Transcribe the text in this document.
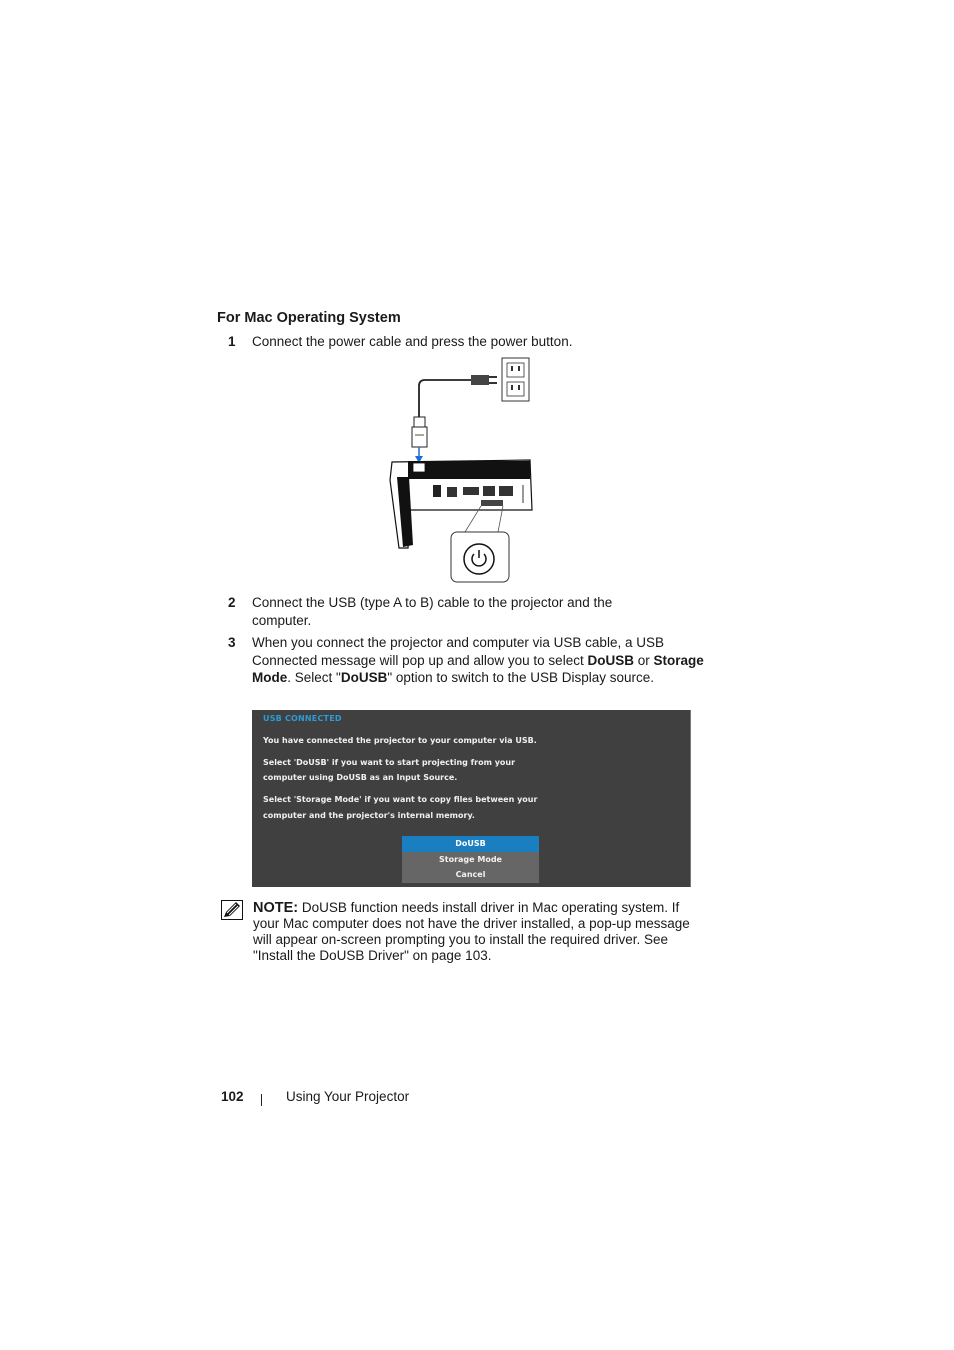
For Mac Operating System
1	Connect the power cable and press the power button.
2	Connect the USB (type A to B) cable to the projector and the computer.
3	When you connect the projector and computer via USB cable, a USB Connected message will pop up and allow you to select DoUSB or Storage Mode. Select "DoUSB" option to switch to the USB Display source.
USB CONNECTED
You have connected the projector to your computer via USB.
Select 'DoUSB' if you want to start projecting from your
computer using DoUSB as an Input Source.
Select 'Storage Mode' if you want to copy files between your
computer and the projector's internal memory.
DoUSB
Storage Mode
Cancel
NOTE: DoUSB function needs install driver in Mac operating system. If your Mac computer does not have the driver installed, a pop-up message will appear on-screen prompting you to install the required driver. See "Install the DoUSB Driver" on page 103.
102	Using Your Projector
